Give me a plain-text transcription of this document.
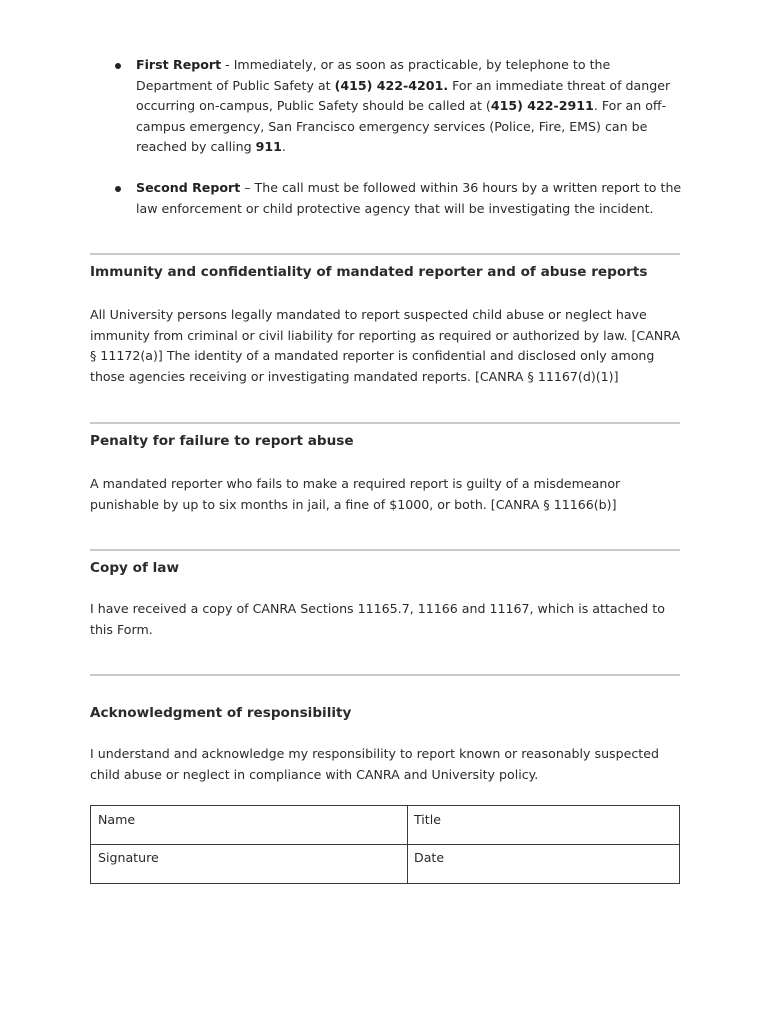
First Report - Immediately, or as soon as practicable, by telephone to the Department of Public Safety at (415) 422-4201. For an immediate threat of danger occurring on-campus, Public Safety should be called at (415) 422-2911. For an off-campus emergency, San Francisco emergency services (Police, Fire, EMS) can be reached by calling 911.
Second Report – The call must be followed within 36 hours by a written report to the law enforcement or child protective agency that will be investigating the incident.
Immunity and confidentiality of mandated reporter and of abuse reports
All University persons legally mandated to report suspected child abuse or neglect have immunity from criminal or civil liability for reporting as required or authorized by law. [CANRA § 11172(a)] The identity of a mandated reporter is confidential and disclosed only among those agencies receiving or investigating mandated reports. [CANRA § 11167(d)(1)]
Penalty for failure to report abuse
A mandated reporter who fails to make a required report is guilty of a misdemeanor punishable by up to six months in jail, a fine of $1000, or both. [CANRA § 11166(b)]
Copy of law
I have received a copy of CANRA Sections 11165.7, 11166 and 11167, which is attached to this Form.
Acknowledgment of responsibility
I understand and acknowledge my responsibility to report known or reasonably suspected child abuse or neglect in compliance with CANRA and University policy.
Name	Title
Signature	Date
